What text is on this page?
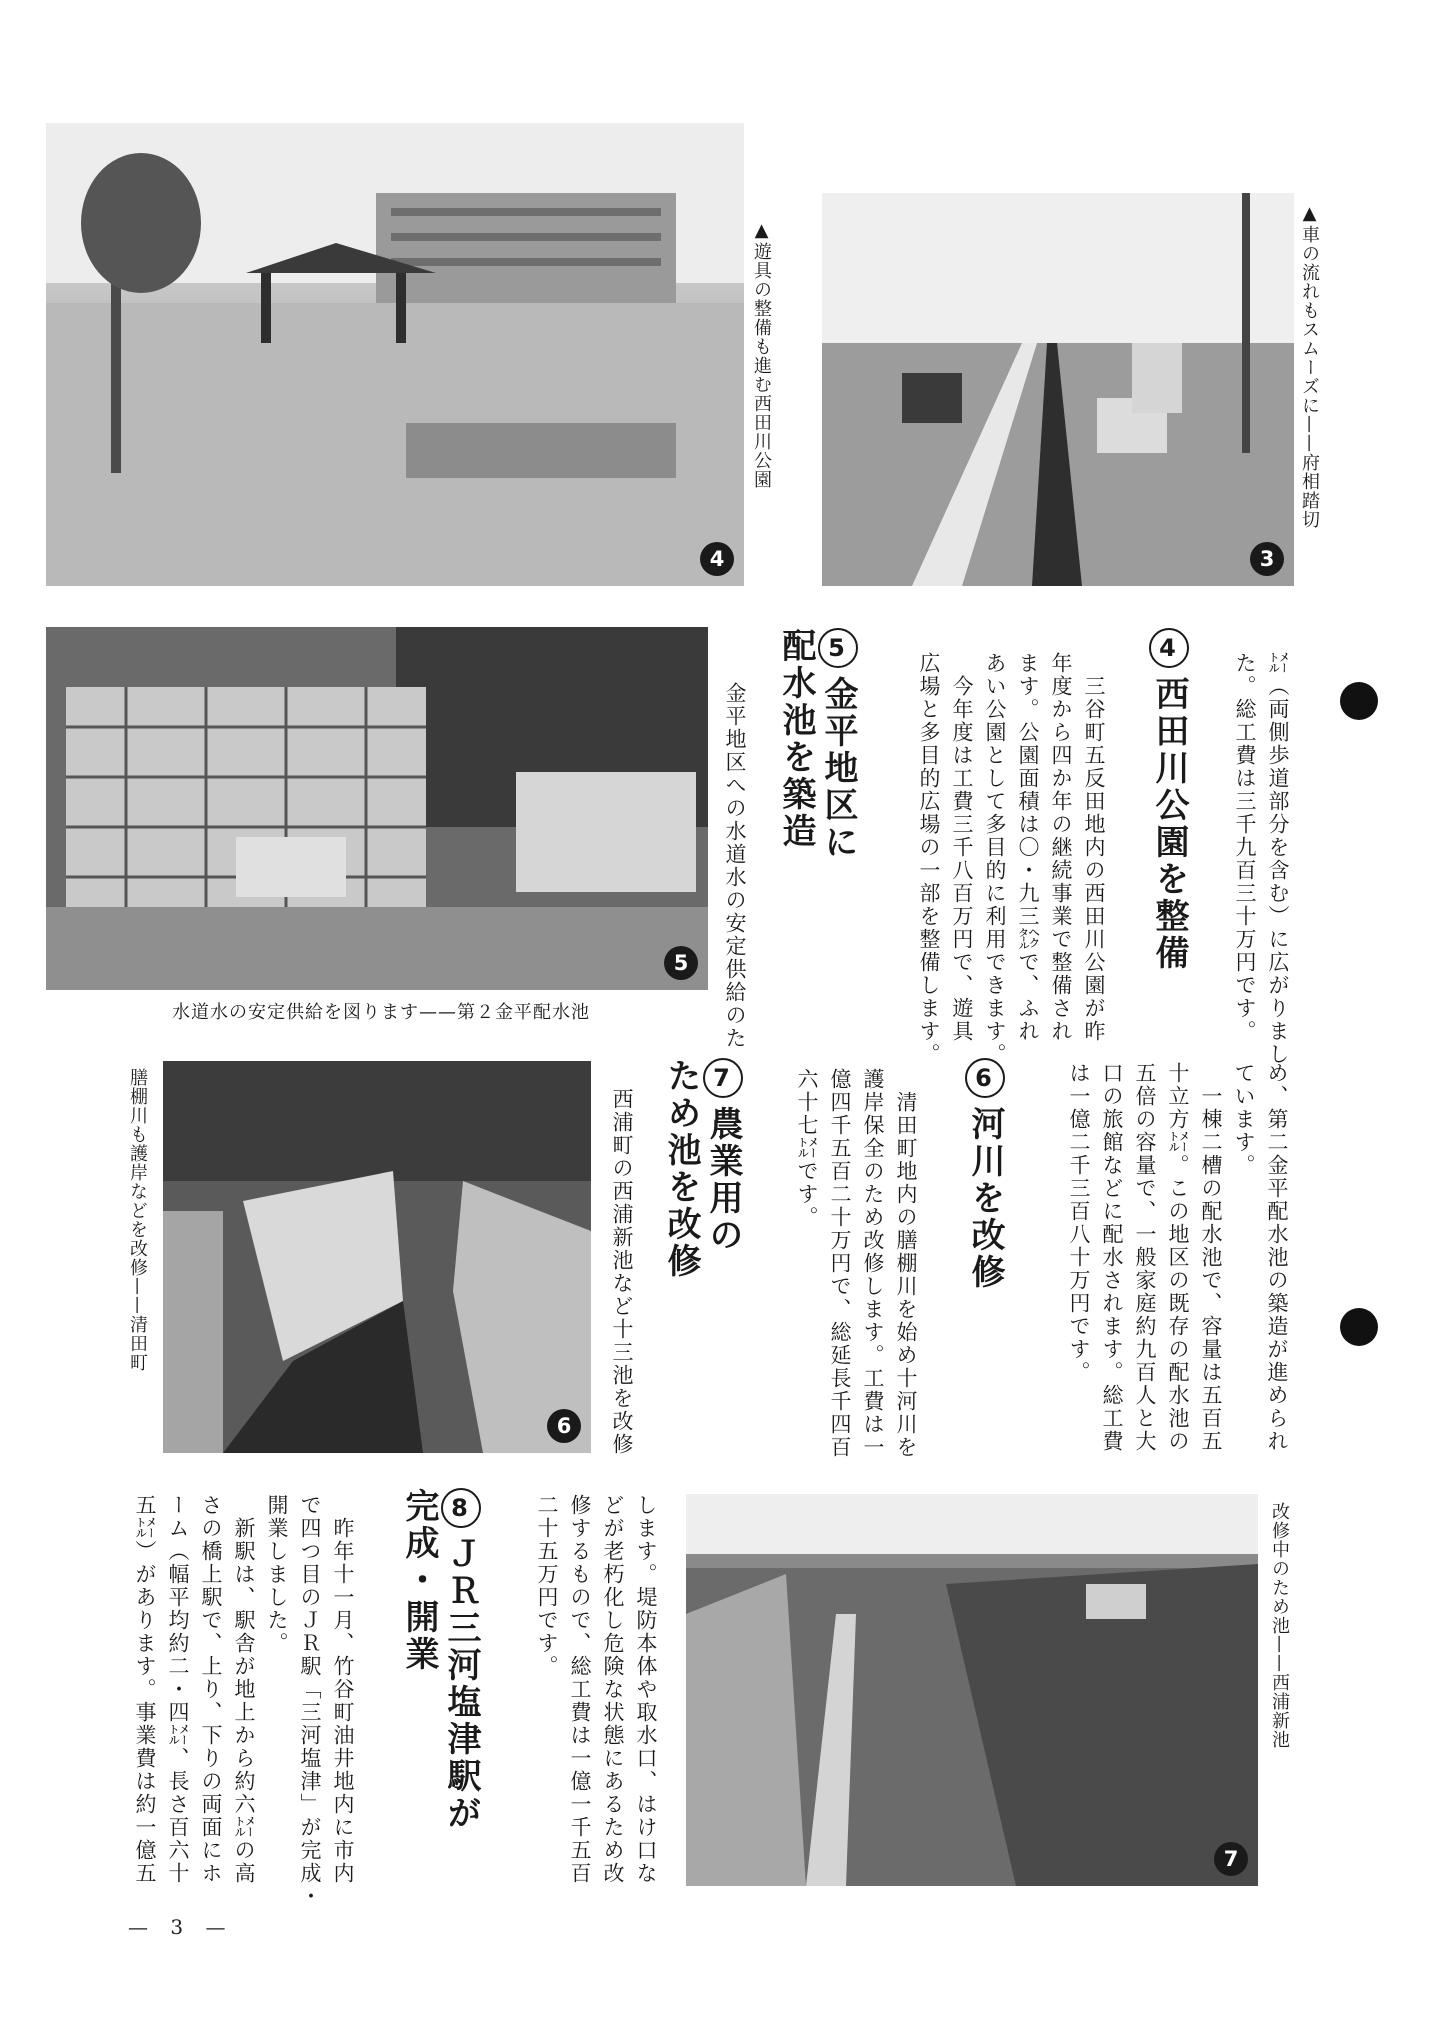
4	3
▲車の流れもスムーズに——府相踏切
▲遊具の整備も進む西田川公園
㍍（両側歩道部分を含む）に広がりまし
た。総工費は三千九百三十万円です。
4西田川公園を整備
　三谷町五反田地内の西田川公園が昨
年度から四か年の継続事業で整備され
ます。公園面積は〇・九三㌶で、ふれ
あい公園として多目的に利用できます。
　今年度は工費三千八百万円で、遊具
広場と多目的広場の一部を整備します。
5金平地区に
配水池を築造
金平地区への水道水の安定供給のた
5
水道水の安定供給を図ります——第２金平配水池
め、第二金平配水池の築造が進められ
ています。
　一棟二槽の配水池で、容量は五百五
十立方㍍。この地区の既存の配水池の
五倍の容量で、一般家庭約九百人と大
口の旅館などに配水されます。総工費
は一億二千三百八十万円です。
6河川を改修
　清田町地内の膳棚川を始め十河川を
護岸保全のため改修します。工費は一
億四千五百二十万円で、総延長千四百
六十七㍍です。
7農業用の
ため池を改修
西浦町の西浦新池など十三池を改修
6
膳棚川も護岸などを改修——清田町
7
改修中のため池——西浦新池
します。堤防本体や取水口、はけ口な
どが老朽化し危険な状態にあるため改
修するもので、総工費は一億一千五百
二十五万円です。
8ＪＲ三河塩津駅が
完成・開業
　昨年十一月、竹谷町油井地内に市内
で四つ目のＪＲ駅「三河塩津」が完成・
開業しました。
　新駅は、駅舎が地上から約六㍍の高
さの橋上駅で、上り、下りの両面にホ
ーム（幅平均約二・四㍍、長さ百六十
五㍍）があります。事業費は約一億五
— 3 —
